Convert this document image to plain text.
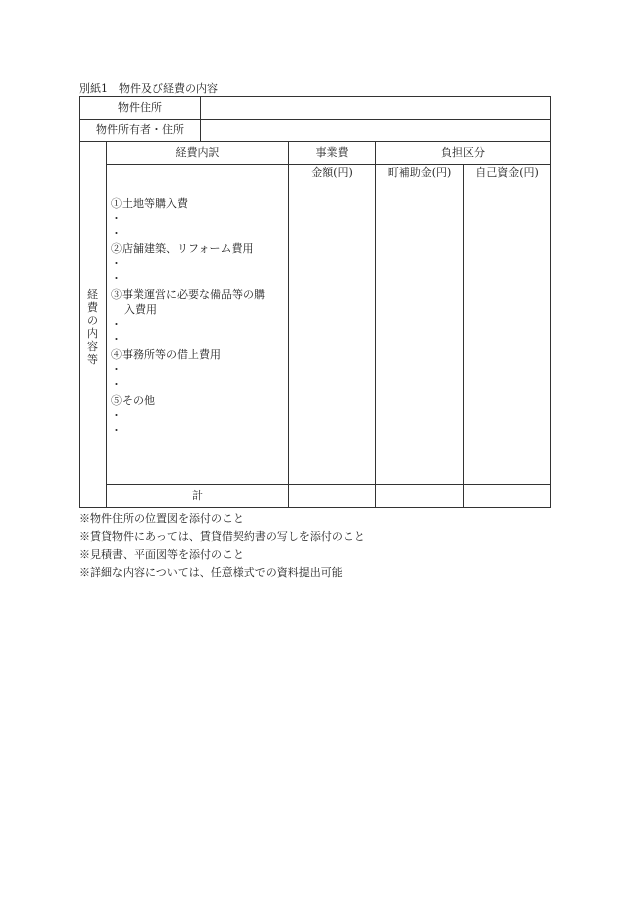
別紙1　物件及び経費の内容
物件住所
物件所有者・住所
経費内訳	事業費	負担区分
金額(円)	町補助金(円)	自己資金(円)
経
費
の
内
容
等
①土地等購入費
・
・
②店舗建築、リフォーム費用
・
・
③事業運営に必要な備品等の購
入費用
・
・
④事務所等の借上費用
・
・
⑤その他
・
・
計
※物件住所の位置図を添付のこと
※賃貸物件にあっては、賃貸借契約書の写しを添付のこと
※見積書、平面図等を添付のこと
※詳細な内容については、任意様式での資料提出可能
